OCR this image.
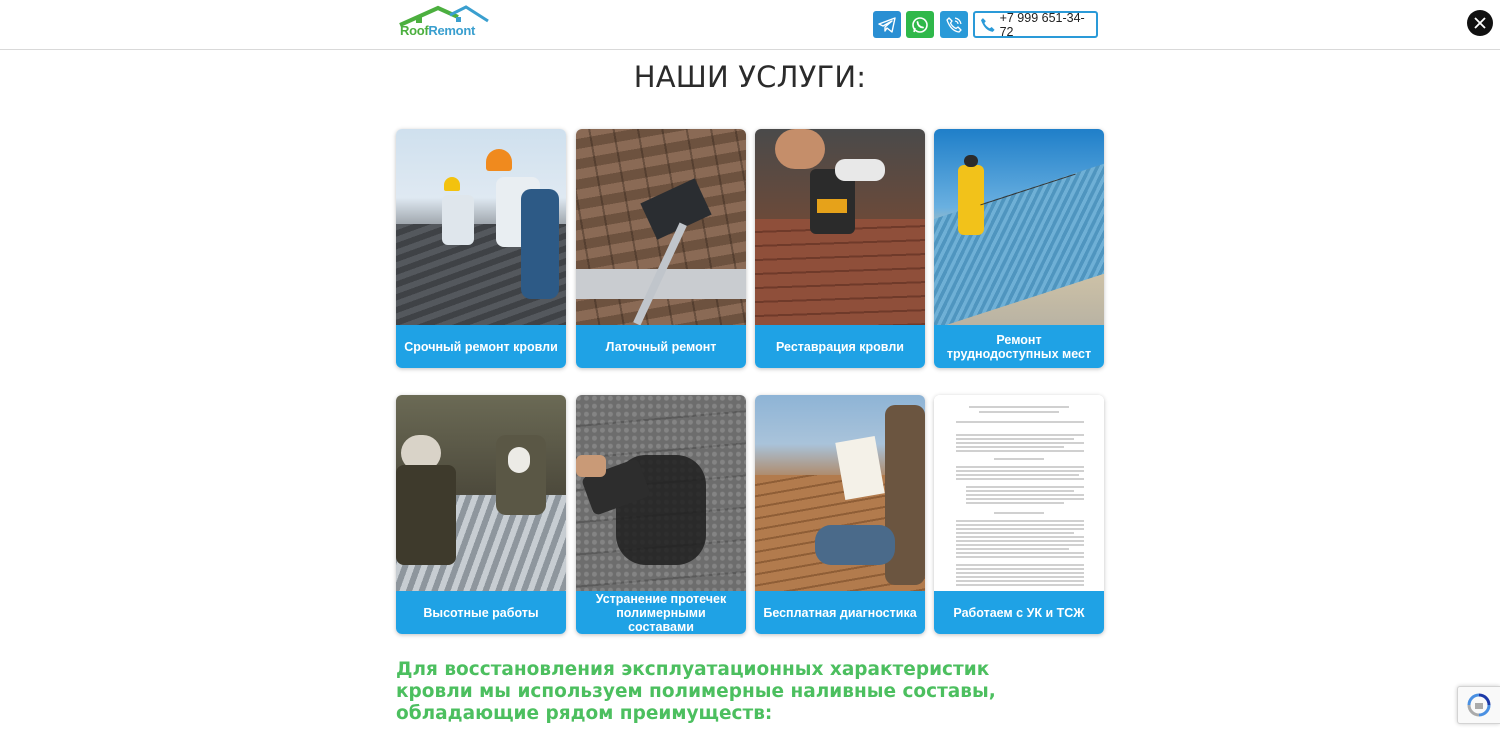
RoofRemont
+7 999 651-34-72
НАШИ УСЛУГИ:
Срочный ремонт кровли	Латочный ремонт	Реставрация кровли	Ремонт труднодоступных мест
Высотные работы
Устранение протечек полимерными составами
Бесплатная диагностика	Работаем с УК и ТСЖ
Для восстановления эксплуатационных характеристик кровли мы используем полимерные наливные составы, обладающие рядом преимуществ:
